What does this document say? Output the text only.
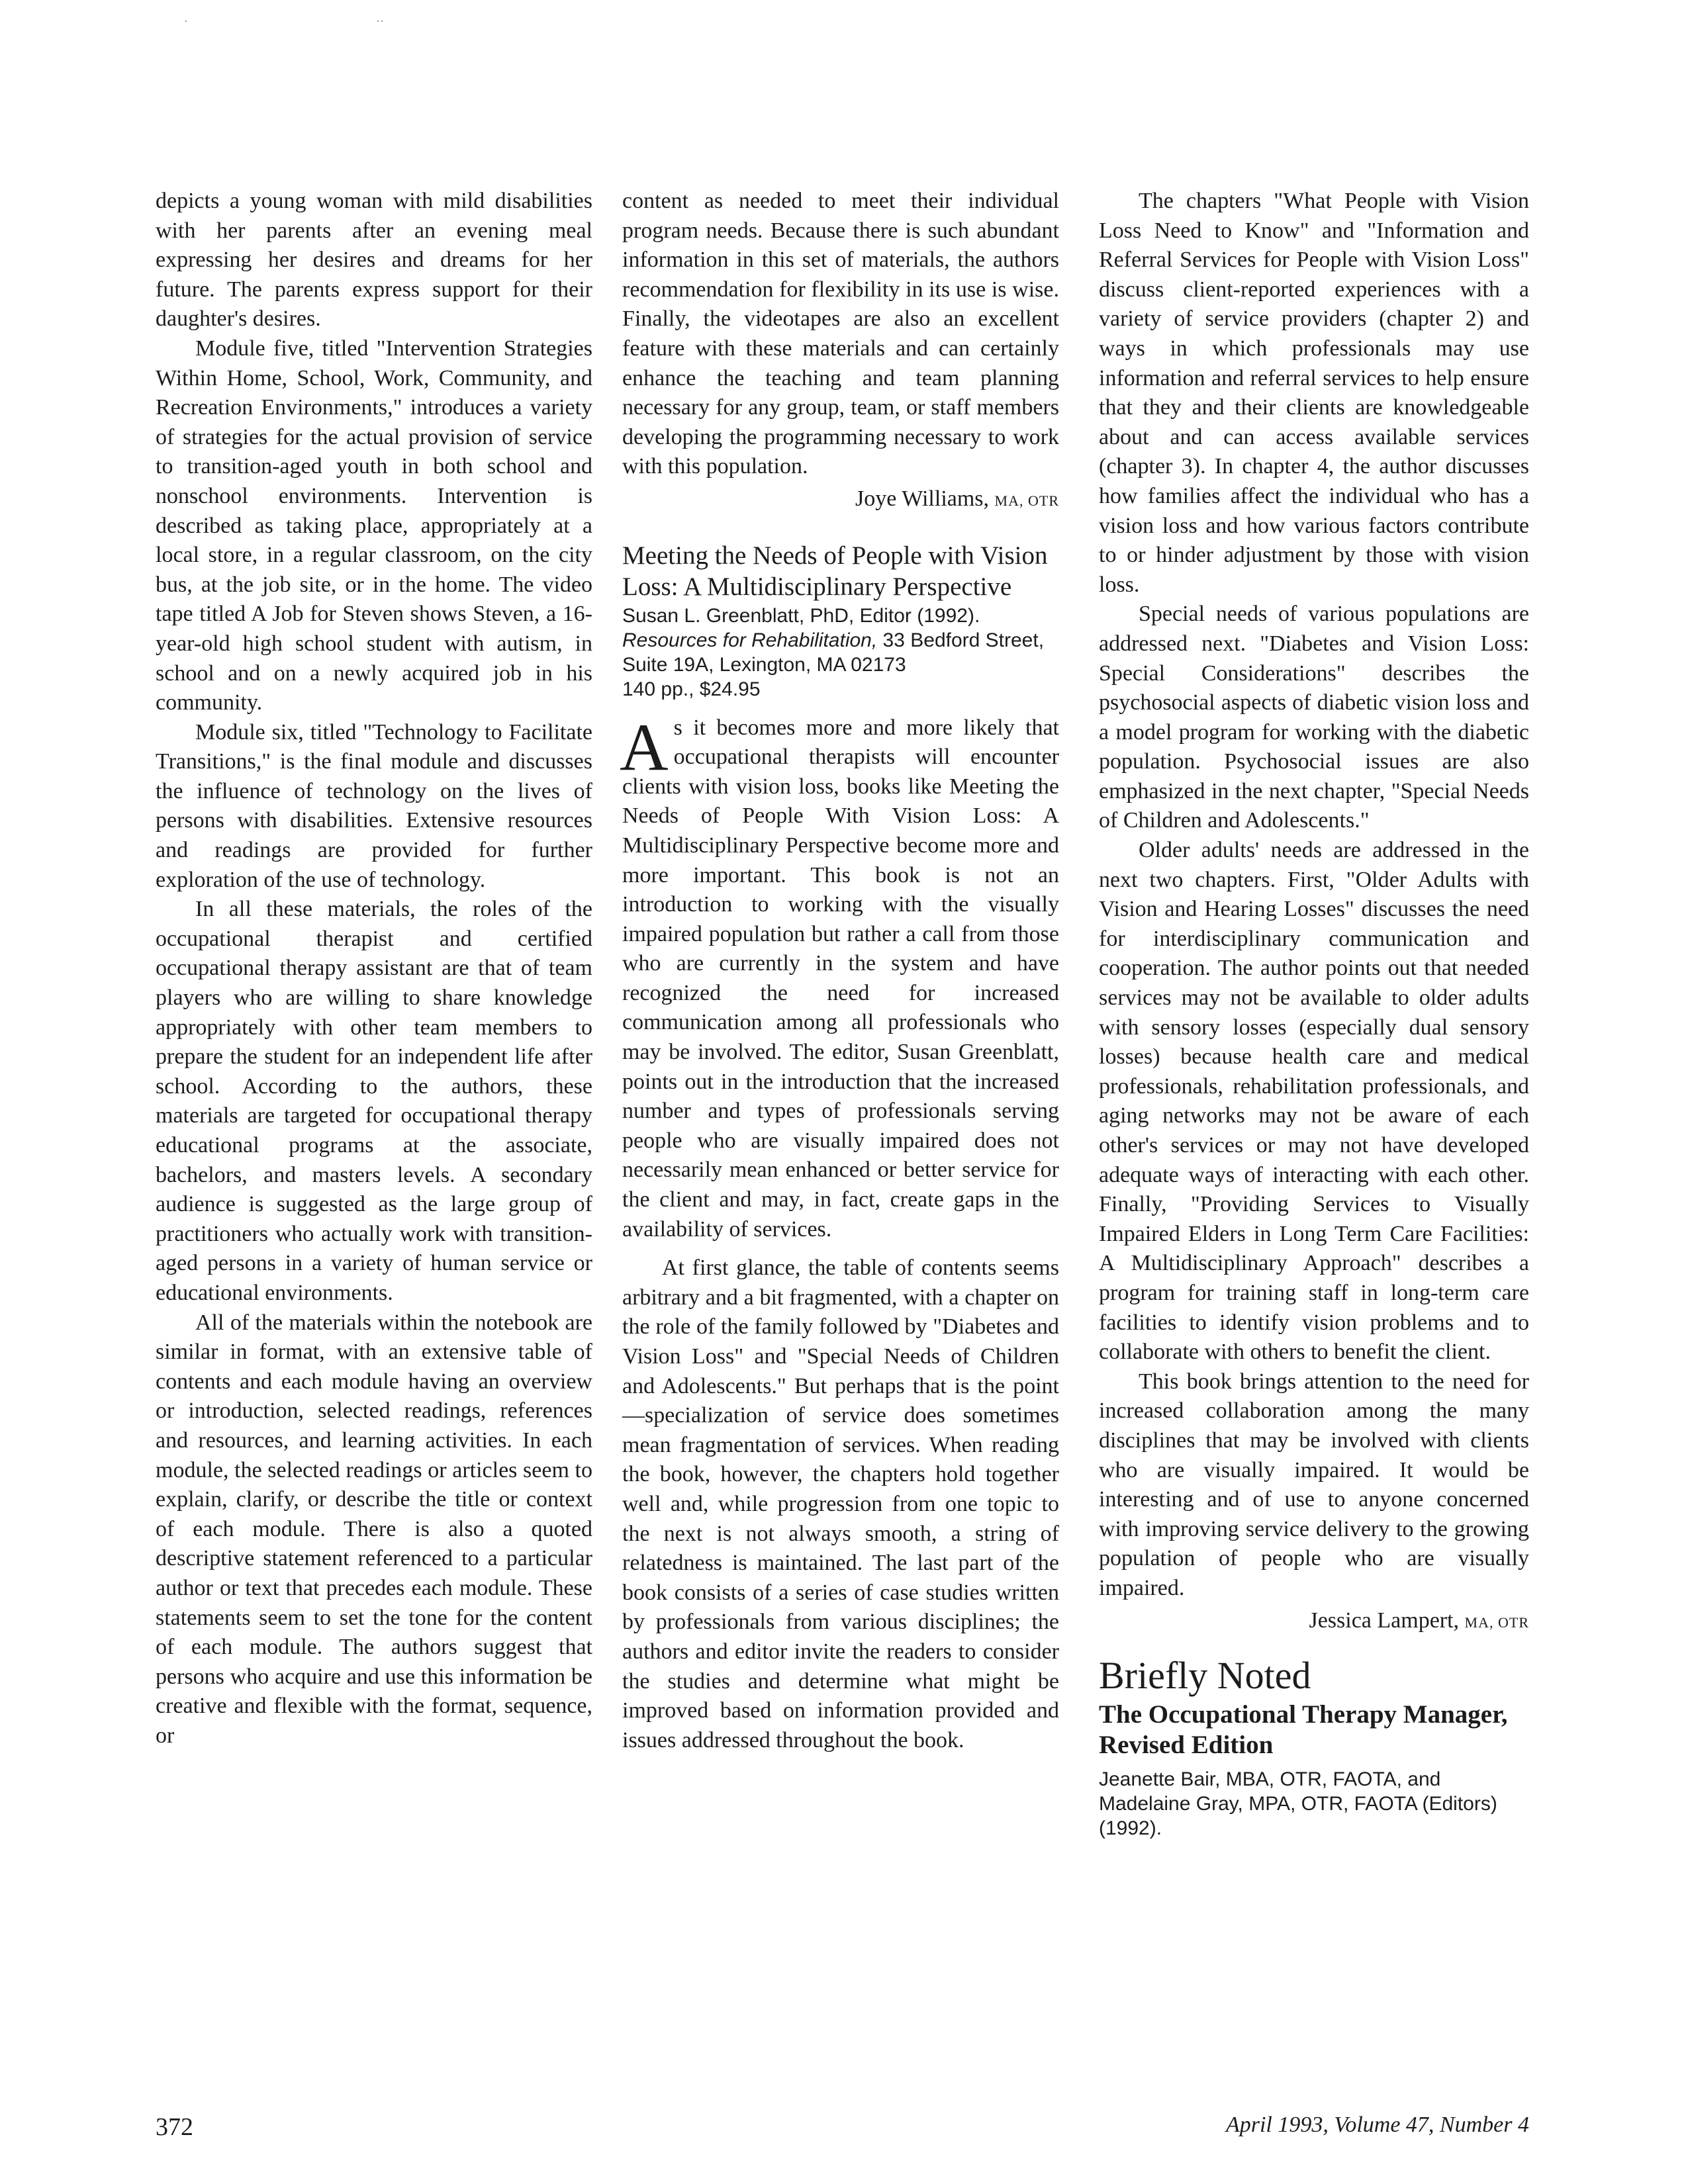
·	··

depicts a young woman with mild disabilities with her parents after an evening meal expressing her desires and dreams for her future. The parents express support for their daughter's desires.

Module five, titled "Intervention Strategies Within Home, School, Work, Community, and Recreation Environments," introduces a variety of strategies for the actual provision of service to transition-aged youth in both school and nonschool environments. Intervention is described as taking place, appropriately at a local store, in a regular classroom, on the city bus, at the job site, or in the home. The video tape titled A Job for Steven shows Steven, a 16-year-old high school student with autism, in school and on a newly acquired job in his community.

Module six, titled "Technology to Facilitate Transitions," is the final module and discusses the influence of technology on the lives of persons with disabilities. Extensive resources and readings are provided for further exploration of the use of technology.

In all these materials, the roles of the occupational therapist and certified occupational therapy assistant are that of team players who are willing to share knowledge appropriately with other team members to prepare the student for an independent life after school. According to the authors, these materials are targeted for occupational therapy educational programs at the associate, bachelors, and masters levels. A secondary audience is suggested as the large group of practitioners who actually work with transition-aged persons in a variety of human service or educational environments.

All of the materials within the notebook are similar in format, with an extensive table of contents and each module having an overview or introduction, selected readings, references and resources, and learning activities. In each module, the selected readings or articles seem to explain, clarify, or describe the title or context of each module. There is also a quoted descriptive statement referenced to a particular author or text that precedes each module. These statements seem to set the tone for the content of each module. The authors suggest that persons who acquire and use this information be creative and flexible with the format, sequence, or

content as needed to meet their individual program needs. Because there is such abundant information in this set of materials, the authors recommendation for flexibility in its use is wise. Finally, the videotapes are also an excellent feature with these materials and can certainly enhance the teaching and team planning necessary for any group, team, or staff members developing the programming necessary to work with this population.

Joye Williams, MA, OTR
Meeting the Needs of People with Vision Loss: A Multidisciplinary Perspective
Susan L. Greenblatt, PhD, Editor (1992).
Resources for Rehabilitation, 33 Bedford Street, Suite 19A, Lexington, MA 02173
140 pp., $24.95

As it becomes more and more likely that occupational therapists will encounter clients with vision loss, books like Meeting the Needs of People With Vision Loss: A Multidisciplinary Perspective become more and more important. This book is not an introduction to working with the visually impaired population but rather a call from those who are currently in the system and have recognized the need for increased communication among all professionals who may be involved. The editor, Susan Greenblatt, points out in the introduction that the increased number and types of professionals serving people who are visually impaired does not necessarily mean enhanced or better service for the client and may, in fact, create gaps in the availability of services.

At first glance, the table of contents seems arbitrary and a bit fragmented, with a chapter on the role of the family followed by "Diabetes and Vision Loss" and "Special Needs of Children and Adolescents." But perhaps that is the point—specialization of service does sometimes mean fragmentation of services. When reading the book, however, the chapters hold together well and, while progression from one topic to the next is not always smooth, a string of relatedness is maintained. The last part of the book consists of a series of case studies written by professionals from various disciplines; the authors and editor invite the readers to consider the studies and determine what might be improved based on information provided and issues addressed throughout the book.

The chapters "What People with Vision Loss Need to Know" and "Information and Referral Services for People with Vision Loss" discuss client-reported experiences with a variety of service providers (chapter 2) and ways in which professionals may use information and referral services to help ensure that they and their clients are knowledgeable about and can access available services (chapter 3). In chapter 4, the author discusses how families affect the individual who has a vision loss and how various factors contribute to or hinder adjustment by those with vision loss.

Special needs of various populations are addressed next. "Diabetes and Vision Loss: Special Considerations" describes the psychosocial aspects of diabetic vision loss and a model program for working with the diabetic population. Psychosocial issues are also emphasized in the next chapter, "Special Needs of Children and Adolescents."

Older adults' needs are addressed in the next two chapters. First, "Older Adults with Vision and Hearing Losses" discusses the need for interdisciplinary communication and cooperation. The author points out that needed services may not be available to older adults with sensory losses (especially dual sensory losses) because health care and medical professionals, rehabilitation professionals, and aging networks may not be aware of each other's services or may not have developed adequate ways of interacting with each other. Finally, "Providing Services to Visually Impaired Elders in Long Term Care Facilities: A Multidisciplinary Approach" describes a program for training staff in long-term care facilities to identify vision problems and to collaborate with others to benefit the client.

This book brings attention to the need for increased collaboration among the many disciplines that may be involved with clients who are visually impaired. It would be interesting and of use to anyone concerned with improving service delivery to the growing population of people who are visually impaired.

Jessica Lampert, MA, OTR
Briefly Noted
The Occupational Therapy Manager, Revised Edition
Jeanette Bair, MBA, OTR, FAOTA, and Madelaine Gray, MPA, OTR, FAOTA (Editors) (1992).
372	April 1993, Volume 47, Number 4
